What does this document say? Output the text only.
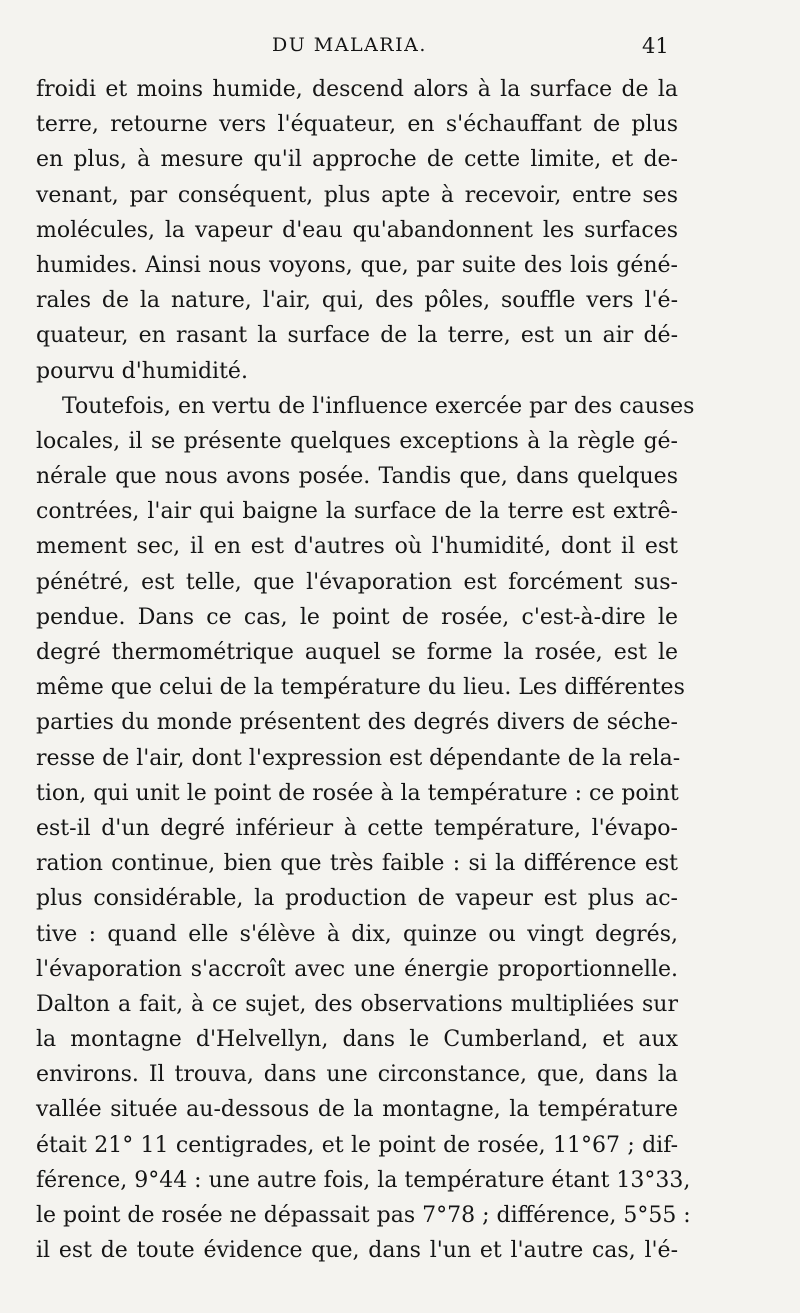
DU MALARIA.	41
froidi et moins humide, descend alors à la surface de la
terre, retourne vers l'équateur, en s'échauffant de plus
en plus, à mesure qu'il approche de cette limite, et de-
venant, par conséquent, plus apte à recevoir, entre ses
molécules, la vapeur d'eau qu'abandonnent les surfaces
humides. Ainsi nous voyons, que, par suite des lois géné-
rales de la nature, l'air, qui, des pôles, souffle vers l'é-
quateur, en rasant la surface de la terre, est un air dé-
pourvu d'humidité.
Toutefois, en vertu de l'influence exercée par des causes
locales, il se présente quelques exceptions à la règle gé-
nérale que nous avons posée. Tandis que, dans quelques
contrées, l'air qui baigne la surface de la terre est extrê-
mement sec, il en est d'autres où l'humidité, dont il est
pénétré, est telle, que l'évaporation est forcément sus-
pendue. Dans ce cas, le point de rosée, c'est-à-dire le
degré thermométrique auquel se forme la rosée, est le
même que celui de la température du lieu. Les différentes
parties du monde présentent des degrés divers de séche-
resse de l'air, dont l'expression est dépendante de la rela-
tion, qui unit le point de rosée à la température : ce point
est-il d'un degré inférieur à cette température, l'évapo-
ration continue, bien que très faible : si la différence est
plus considérable, la production de vapeur est plus ac-
tive : quand elle s'élève à dix, quinze ou vingt degrés,
l'évaporation s'accroît avec une énergie proportionnelle.
Dalton a fait, à ce sujet, des observations multipliées sur
la montagne d'Helvellyn, dans le Cumberland, et aux
environs. Il trouva, dans une circonstance, que, dans la
vallée située au-dessous de la montagne, la température
était 21° 11 centigrades, et le point de rosée, 11°67 ; dif-
férence, 9°44 : une autre fois, la température étant 13°33,
le point de rosée ne dépassait pas 7°78 ; différence, 5°55 :
il est de toute évidence que, dans l'un et l'autre cas, l'é-
